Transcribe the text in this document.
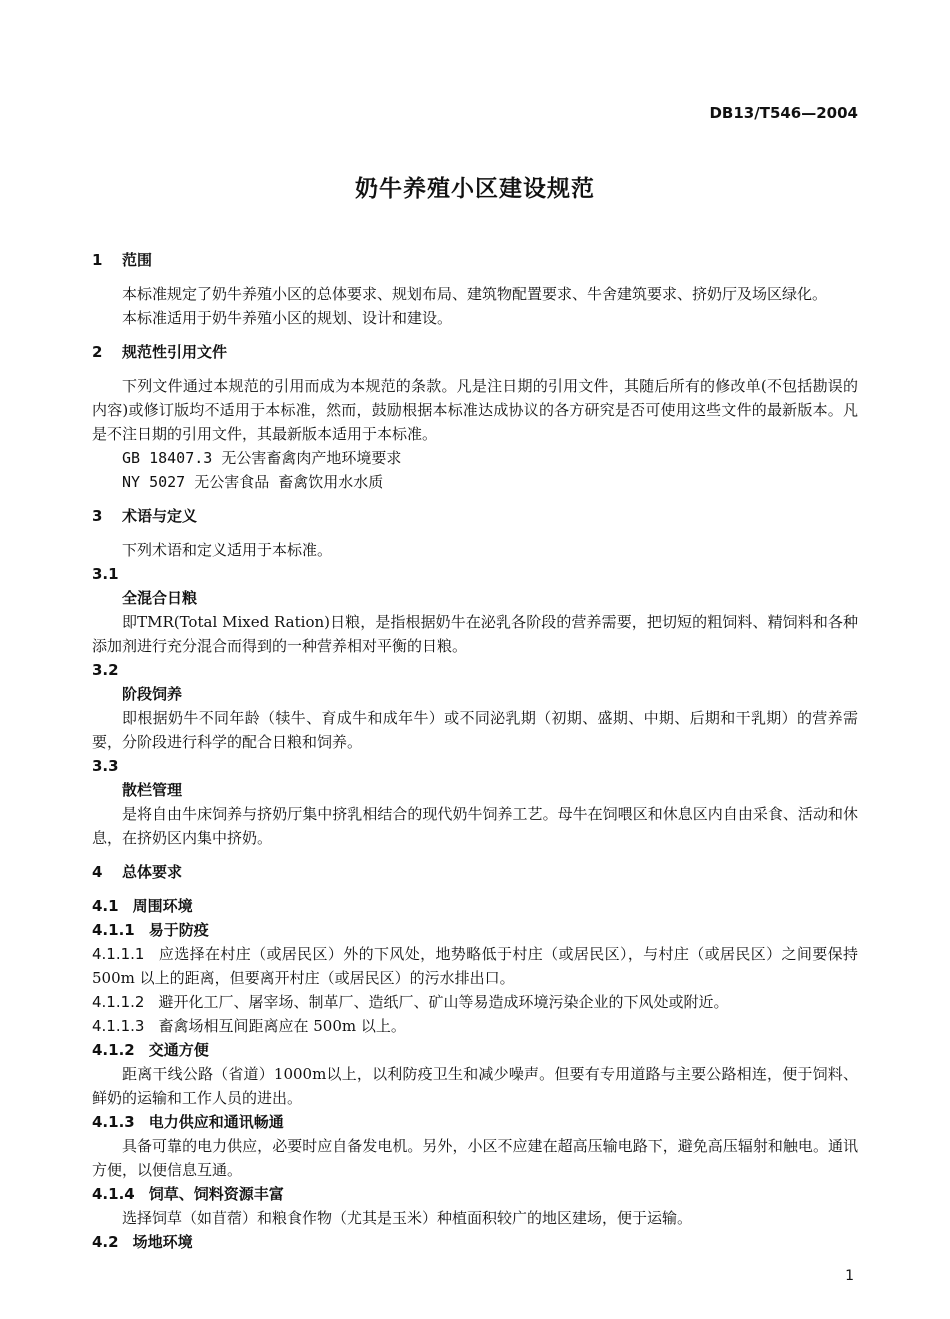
DB13/T546—2004
奶牛养殖小区建设规范

1 范围

本标准规定了奶牛养殖小区的总体要求、规划布局、建筑物配置要求、牛舍建筑要求、挤奶厅及场区绿化。

本标准适用于奶牛养殖小区的规划、设计和建设。

2 规范性引用文件

下列文件通过本规范的引用而成为本规范的条款。凡是注日期的引用文件，其随后所有的修改单(不包括勘误的内容)或修订版均不适用于本标准，然而，鼓励根据本标准达成协议的各方研究是否可使用这些文件的最新版本。凡是不注日期的引用文件，其最新版本适用于本标准。

GB 18407.3 无公害畜禽肉产地环境要求

NY 5027 无公害食品 畜禽饮用水水质

3 术语与定义

下列术语和定义适用于本标准。

3.1

全混合日粮

即TMR(Total Mixed Ration)日粮，是指根据奶牛在泌乳各阶段的营养需要，把切短的粗饲料、精饲料和各种添加剂进行充分混合而得到的一种营养相对平衡的日粮。

3.2

阶段饲养

即根据奶牛不同年龄（犊牛、育成牛和成年牛）或不同泌乳期（初期、盛期、中期、后期和干乳期）的营养需要，分阶段进行科学的配合日粮和饲养。

3.3

散栏管理

是将自由牛床饲养与挤奶厅集中挤乳相结合的现代奶牛饲养工艺。母牛在饲喂区和休息区内自由采食、活动和休息，在挤奶区内集中挤奶。

4 总体要求

4.1 周围环境

4.1.1 易于防疫

4.1.1.1 应选择在村庄（或居民区）外的下风处，地势略低于村庄（或居民区），与村庄（或居民区）之间要保持 500m 以上的距离，但要离开村庄（或居民区）的污水排出口。

4.1.1.2 避开化工厂、屠宰场、制革厂、造纸厂、矿山等易造成环境污染企业的下风处或附近。

4.1.1.3 畜禽场相互间距离应在 500m 以上。

4.1.2 交通方便

距离干线公路（省道）1000m以上，以利防疫卫生和减少噪声。但要有专用道路与主要公路相连，便于饲料、鲜奶的运输和工作人员的进出。

4.1.3 电力供应和通讯畅通

具备可靠的电力供应，必要时应自备发电机。另外，小区不应建在超高压输电路下，避免高压辐射和触电。通讯方便，以便信息互通。

4.1.4 饲草、饲料资源丰富

选择饲草（如苜蓿）和粮食作物（尤其是玉米）种植面积较广的地区建场，便于运输。

4.2 场地环境

1
